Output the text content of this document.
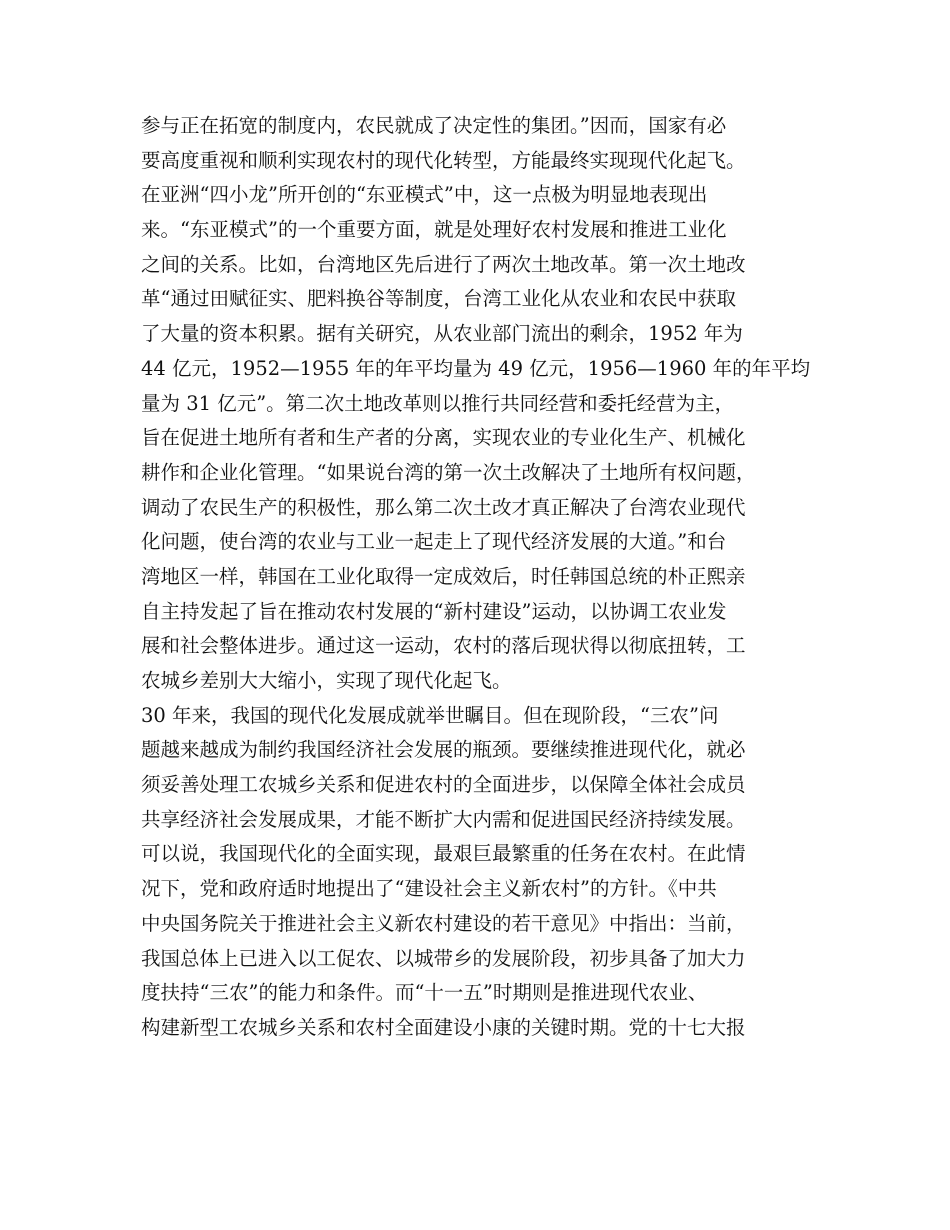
参与正在拓宽的制度内，农民就成了决定性的集团。”因而，国家有必
要高度重视和顺利实现农村的现代化转型，方能最终实现现代化起飞。
在亚洲“四小龙”所开创的“东亚模式”中，这一点极为明显地表现出
来。“东亚模式”的一个重要方面，就是处理好农村发展和推进工业化
之间的关系。比如，台湾地区先后进行了两次土地改革。第一次土地改
革“通过田赋征实、肥料换谷等制度，台湾工业化从农业和农民中获取
了大量的资本积累。据有关研究，从农业部门流出的剩余，1952 年为
44 亿元，1952—1955 年的年平均量为 49 亿元，1956—1960 年的年平均
量为 31 亿元”。第二次土地改革则以推行共同经营和委托经营为主，
旨在促进土地所有者和生产者的分离，实现农业的专业化生产、机械化
耕作和企业化管理。“如果说台湾的第一次土改解决了土地所有权问题，
调动了农民生产的积极性，那么第二次土改才真正解决了台湾农业现代
化问题，使台湾的农业与工业一起走上了现代经济发展的大道。”和台
湾地区一样，韩国在工业化取得一定成效后，时任韩国总统的朴正熙亲
自主持发起了旨在推动农村发展的“新村建设”运动，以协调工农业发
展和社会整体进步。通过这一运动，农村的落后现状得以彻底扭转，工
农城乡差别大大缩小，实现了现代化起飞。
30 年来，我国的现代化发展成就举世瞩目。但在现阶段，“三农”问
题越来越成为制约我国经济社会发展的瓶颈。要继续推进现代化，就必
须妥善处理工农城乡关系和促进农村的全面进步，以保障全体社会成员
共享经济社会发展成果，才能不断扩大内需和促进国民经济持续发展。
可以说，我国现代化的全面实现，最艰巨最繁重的任务在农村。在此情
况下，党和政府适时地提出了“建设社会主义新农村”的方针。《中共
中央国务院关于推进社会主义新农村建设的若干意见》中指出：当前，
我国总体上已进入以工促农、以城带乡的发展阶段，初步具备了加大力
度扶持“三农”的能力和条件。而“十一五”时期则是推进现代农业、
构建新型工农城乡关系和农村全面建设小康的关键时期。党的十七大报
